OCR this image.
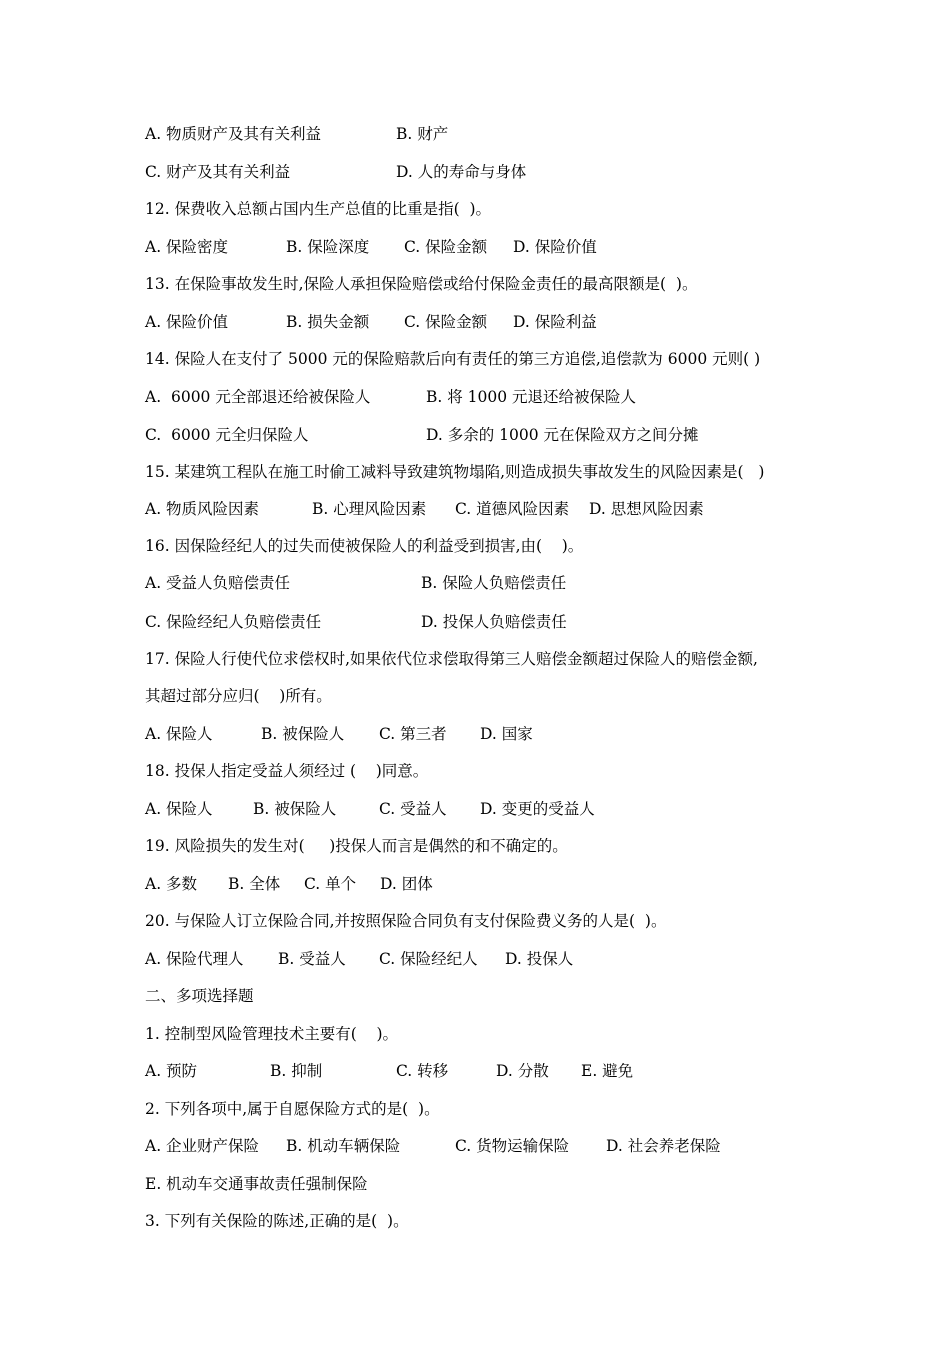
A. 物质财产及其有关利益	B. 财产
C. 财产及其有关利益	D. 人的寿命与身体
12. 保费收入总额占国内生产总值的比重是指(  )。
A. 保险密度	B. 保险深度 C. 保险金额 D. 保险价值
13. 在保险事故发生时,保险人承担保险赔偿或给付保险金责任的最高限额是(  )。
A. 保险价值	B. 损失金额 C. 保险金额 D. 保险利益
14. 保险人在支付了 5000 元的保险赔款后向有责任的第三方追偿,追偿款为 6000 元则( )
A.  6000 元全部退还给被保险人	B. 将 1000 元退还给被保险人
C.  6000 元全归保险人	D. 多余的 1000 元在保险双方之间分摊
15. 某建筑工程队在施工时偷工减料导致建筑物塌陷,则造成损失事故发生的风险因素是(   )
A. 物质风险因素	B. 心理风险因素 C. 道德风险因素 D. 思想风险因素
16. 因保险经纪人的过失而使被保险人的利益受到损害,由(    )。
A. 受益人负赔偿责任	B. 保险人负赔偿责任
C. 保险经纪人负赔偿责任	D. 投保人负赔偿责任
17. 保险人行使代位求偿权时,如果依代位求偿取得第三人赔偿金额超过保险人的赔偿金额,
其超过部分应归(    )所有。
A. 保险人	B. 被保险人 C. 第三者 D. 国家
18. 投保人指定受益人须经过 (    )同意。
A. 保险人	B. 被保险人	C. 受益人 D. 变更的受益人
19. 风险损失的发生对(     )投保人而言是偶然的和不确定的。
A. 多数 B. 全体 C. 单个 D. 团体
20. 与保险人订立保险合同,并按照保险合同负有支付保险费义务的人是(  )。
A. 保险代理人 B. 受益人 C. 保险经纪人 D. 投保人
二、多项选择题
1. 控制型风险管理技术主要有(    )。
A. 预防	B. 抑制	C. 转移	D. 分散 E. 避免
2. 下列各项中,属于自愿保险方式的是(  )。
A. 企业财产保险 B. 机动车辆保险	C. 货物运输保险 D. 社会养老保险
E. 机动车交通事故责任强制保险
3. 下列有关保险的陈述,正确的是(  )。
